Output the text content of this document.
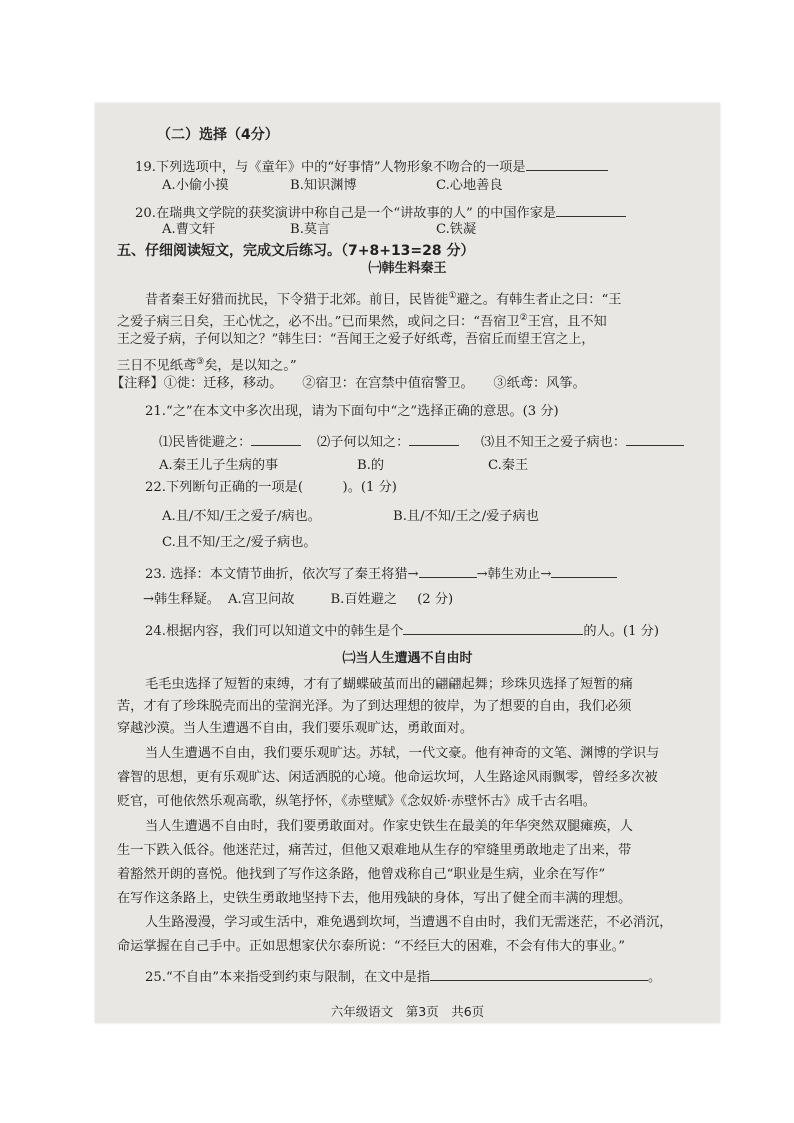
（二）选择（4分）
19.下列选项中，与《童年》中的“好事情”人物形象不吻合的一项是
A.小偷小摸	B.知识渊博	C.心地善良
20.在瑞典文学院的获奖演讲中称自己是一个“讲故事的人” 的中国作家是
A.曹文轩	B.莫言	C.铁凝
五、仔细阅读短文，完成文后练习。（7+8+13=28 分）
㈠韩生料秦王
昔者秦王好猎而扰民，下令猎于北郊。前日，民皆徙①避之。有韩生者止之曰：“王
之爱子病三日矣，王心忧之，必不出。”已而果然，或问之曰：“吾宿卫②王宫，且不知
王之爱子病，子何以知之？”韩生曰：“吾闻王之爱子好纸鸢，吾宿丘而望王宫之上，
三日不见纸鸢③矣，是以知之。”
【注释】①徙：迁移，移动。　　②宿卫：在宫禁中值宿警卫。　　③纸鸢：风筝。
21.“之”在本文中多次出现，请为下面句中“之”选择正确的意思。(3 分)
⑴民皆徙避之：	⑵子何以知之：	⑶且不知王之爱子病也：
A.秦王儿子生病的事	B.的	C.秦王
22.下列断句正确的一项是(　　　)。(1 分)
A.且/不知/王之爱子/病也。	B.且/不知/王之/爱子病也
C.且不知/王之/爱子病也。
23. 选择：本文情节曲折，依次写了秦王将猎→	→韩生劝止→
→韩生释疑。 A.宫卫问故	B.百姓避之 (2 分)
24.根据内容，我们可以知道文中的韩生是个	的人。(1 分)
㈡当人生遭遇不自由时
毛毛虫选择了短暂的束缚，才有了蝴蝶破茧而出的翩翩起舞；珍珠贝选择了短暂的痛
苦，才有了珍珠脱壳而出的莹润光泽。为了到达理想的彼岸，为了想要的自由，我们必须
穿越沙漠。当人生遭遇不自由，我们要乐观旷达，勇敢面对。
当人生遭遇不自由，我们要乐观旷达。苏轼，一代文豪。他有神奇的文笔、渊博的学识与
睿智的思想，更有乐观旷达、闲适洒脱的心境。他命运坎坷，人生路途风雨飘零，曾经多次被
贬官，可他依然乐观高歌，纵笔抒怀，《赤壁赋》《念奴娇·赤壁怀古》成千古名唱。
当人生遭遇不自由时，我们要勇敢面对。作家史铁生在最美的年华突然双腿瘫痪，人
生一下跌入低谷。他迷茫过，痛苦过，但他又艰难地从生存的窄缝里勇敢地走了出来，带
着豁然开朗的喜悦。他找到了写作这条路，他曾戏称自己“职业是生病，业余在写作”
在写作这条路上，史铁生勇敢地坚持下去，他用残缺的身体，写出了健全而丰满的理想。
人生路漫漫，学习或生活中，难免遇到坎坷，当遭遇不自由时，我们无需迷茫，不必消沉，
命运掌握在自己手中。正如思想家伏尔泰所说：“不经巨大的困难，不会有伟大的事业。”
25.“不自由”本来指受到约束与限制，在文中是指	。
六年级语文　第3页　共6页
